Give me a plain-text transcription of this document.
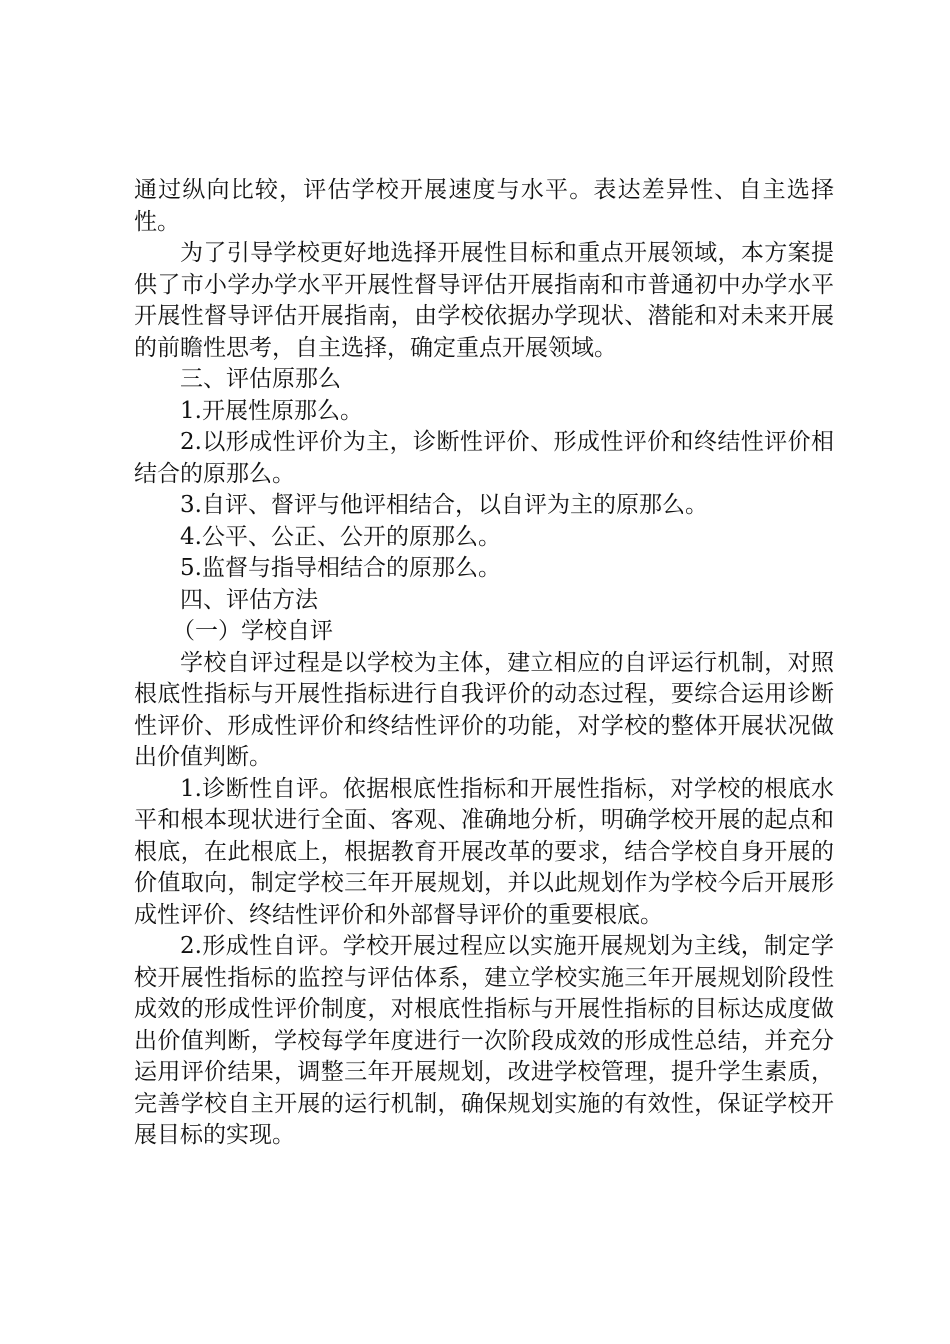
通过纵向比较，评估学校开展速度与水平。表达差异性、自主选择性。

为了引导学校更好地选择开展性目标和重点开展领域，本方案提供了市小学办学水平开展性督导评估开展指南和市普通初中办学水平开展性督导评估开展指南，由学校依据办学现状、潜能和对未来开展的前瞻性思考，自主选择，确定重点开展领域。

三、评估原那么

1.开展性原那么。

2.以形成性评价为主，诊断性评价、形成性评价和终结性评价相结合的原那么。

3.自评、督评与他评相结合，以自评为主的原那么。

4.公平、公正、公开的原那么。

5.监督与指导相结合的原那么。

四、评估方法

（一）学校自评

学校自评过程是以学校为主体，建立相应的自评运行机制，对照根底性指标与开展性指标进行自我评价的动态过程，要综合运用诊断性评价、形成性评价和终结性评价的功能，对学校的整体开展状况做出价值判断。

1.诊断性自评。依据根底性指标和开展性指标，对学校的根底水平和根本现状进行全面、客观、准确地分析，明确学校开展的起点和根底，在此根底上，根据教育开展改革的要求，结合学校自身开展的价值取向，制定学校三年开展规划，并以此规划作为学校今后开展形成性评价、终结性评价和外部督导评价的重要根底。

2.形成性自评。学校开展过程应以实施开展规划为主线，制定学校开展性指标的监控与评估体系，建立学校实施三年开展规划阶段性成效的形成性评价制度，对根底性指标与开展性指标的目标达成度做出价值判断，学校每学年度进行一次阶段成效的形成性总结，并充分运用评价结果，调整三年开展规划，改进学校管理，提升学生素质，完善学校自主开展的运行机制，确保规划实施的有效性，保证学校开展目标的实现。
